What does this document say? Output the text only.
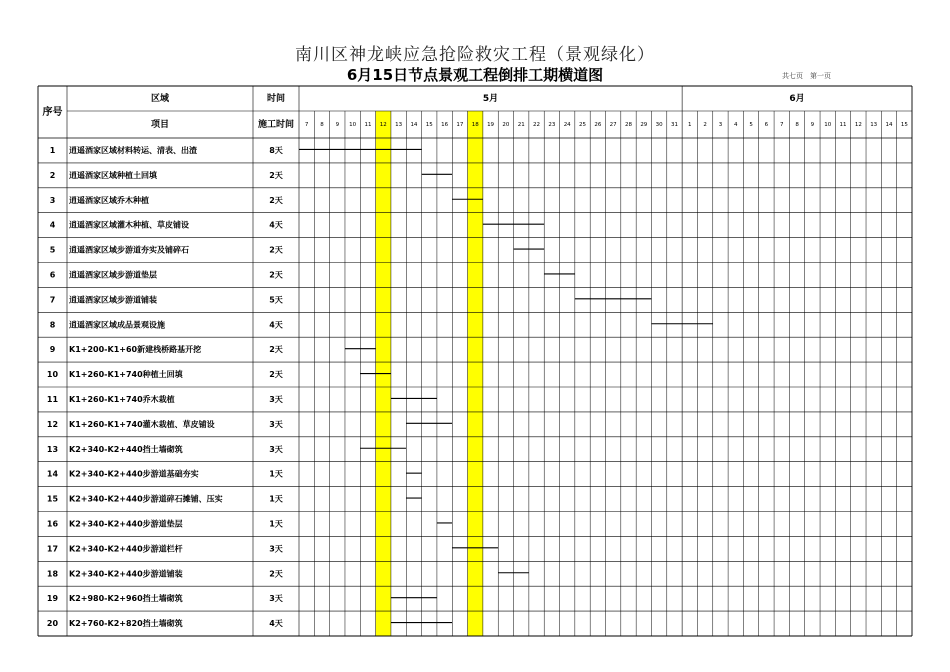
南川区神龙峡应急抢险救灾工程（景观绿化）
6月15日节点景观工程倒排工期横道图	共七页　第一页
序号
区域
项目
时间
施工时间
5月	6月
7 8 9 10 11 12 13 14 15 16 17 18 19 20 21 22 23 24 25 26 27 28 29 30 31 1 2 3 4 5 6 7 8 9 10 11 12 13 14 15
1 逍遥酒家区域材料转运、清表、出渣	8天
2 逍遥酒家区域种植土回填	2天
3 逍遥酒家区域乔木种植	2天
4 逍遥酒家区域灌木种植、草皮铺设	4天
5 逍遥酒家区域步游道夯实及铺碎石	2天
6 逍遥酒家区域步游道垫层	2天
7 逍遥酒家区域步游道铺装	5天
8 逍遥酒家区域成品景观设施	4天
9 K1+200-K1+60新建栈桥路基开挖	2天
10 K1+260-K1+740种植土回填	2天
11 K1+260-K1+740乔木栽植	3天
12 K1+260-K1+740灌木栽植、草皮铺设	3天
13 K2+340-K2+440挡土墙砌筑	3天
14 K2+340-K2+440步游道基础夯实	1天
15 K2+340-K2+440步游道碎石摊铺、压实	1天
16 K2+340-K2+440步游道垫层	1天
17 K2+340-K2+440步游道栏杆	3天
18 K2+340-K2+440步游道铺装	2天
19 K2+980-K2+960挡土墙砌筑	3天
20 K2+760-K2+820挡土墙砌筑	4天
